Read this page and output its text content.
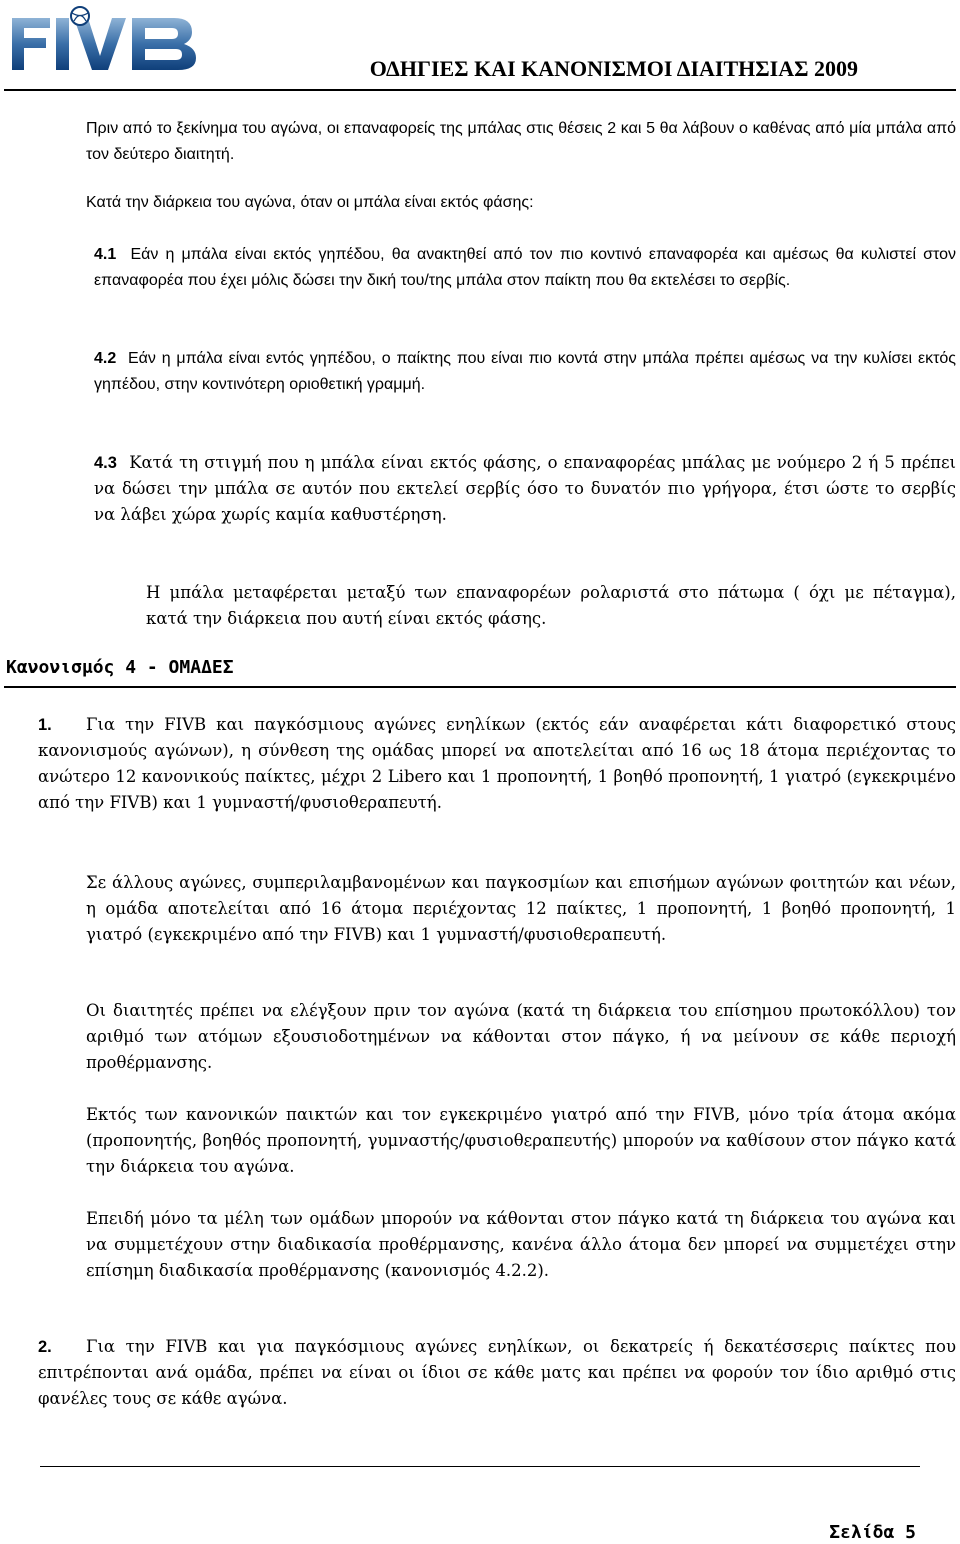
ΟΔΗΓΙΕΣ ΚΑΙ ΚΑΝΟΝΙΣΜΟΙ ΔΙΑΙΤΗΣΙΑΣ 2009

Πριν από το ξεκίνημα του αγώνα, οι επαναφορείς της μπάλας στις θέσεις 2 και 5 θα λάβουν ο καθένας από μία μπάλα από τον δεύτερο διαιτητή.

Κατά την διάρκεια του αγώνα, όταν οι μπάλα είναι εκτός φάσης:

4.1 Εάν η μπάλα είναι εκτός γηπέδου, θα ανακτηθεί από τον πιο κοντινό επαναφορέα και αμέσως θα κυλιστεί στον επαναφορέα που έχει μόλις δώσει την δική του/της μπάλα στον παίκτη που θα εκτελέσει το σερβίς.

4.2 Εάν η μπάλα είναι εντός γηπέδου, ο παίκτης που είναι πιο κοντά στην μπάλα πρέπει αμέσως να την κυλίσει εκτός γηπέδου, στην κοντινότερη οριοθετική γραμμή.

4.3 Κατά τη στιγμή που η μπάλα είναι εκτός φάσης, ο επαναφορέας μπάλας με νούμερο 2 ή 5 πρέπει να δώσει την μπάλα σε αυτόν που εκτελεί σερβίς όσο το δυνατόν πιο γρήγορα, έτσι ώστε το σερβίς να λάβει χώρα χωρίς καμία καθυστέρηση.

Η μπάλα μεταφέρεται μεταξύ των επαναφορέων ρολαριστά στο πάτωμα ( όχι με πέταγμα), κατά την διάρκεια που αυτή είναι εκτός φάσης.

Κανονισμός 4 - ΟΜΑΔΕΣ

1. Για την FIVB και παγκόσμιους αγώνες ενηλίκων (εκτός εάν αναφέρεται κάτι διαφορετικό στους κανονισμούς αγώνων), η σύνθεση της ομάδας μπορεί να αποτελείται από 16 ως 18 άτομα περιέχοντας το ανώτερο 12 κανονικούς παίκτες, μέχρι 2 Libero και 1 προπονητή, 1 βοηθό προπονητή, 1 γιατρό (εγκεκριμένο από την FIVB) και 1 γυμναστή/φυσιοθεραπευτή.

Σε άλλους αγώνες, συμπεριλαμβανομένων και παγκοσμίων και επισήμων αγώνων φοιτητών και νέων, η ομάδα αποτελείται από 16 άτομα περιέχοντας 12 παίκτες, 1 προπονητή, 1 βοηθό προπονητή, 1 γιατρό (εγκεκριμένο από την FIVB) και 1 γυμναστή/φυσιοθεραπευτή.

Οι διαιτητές πρέπει να ελέγξουν πριν τον αγώνα (κατά τη διάρκεια του επίσημου πρωτοκόλλου) τον αριθμό των ατόμων εξουσιοδοτημένων να κάθονται στον πάγκο, ή να μείνουν σε κάθε περιοχή προθέρμανσης.

Εκτός των κανονικών παικτών και τον εγκεκριμένο γιατρό από την FIVB, μόνο τρία άτομα ακόμα (προπονητής, βοηθός προπονητή, γυμναστής/φυσιοθεραπευτής) μπορούν να καθίσουν στον πάγκο κατά την διάρκεια του αγώνα.

Επειδή μόνο τα μέλη των ομάδων μπορούν να κάθονται στον πάγκο κατά τη διάρκεια του αγώνα και να συμμετέχουν στην διαδικασία προθέρμανσης, κανένα άλλο άτομα δεν μπορεί να συμμετέχει στην επίσημη διαδικασία προθέρμανσης (κανονισμός 4.2.2).

2. Για την FIVB και για παγκόσμιους αγώνες ενηλίκων, οι δεκατρείς ή δεκατέσσερις παίκτες που επιτρέπονται ανά ομάδα, πρέπει να είναι οι ίδιοι σε κάθε ματς και πρέπει να φορούν τον ίδιο αριθμό στις φανέλες τους σε κάθε αγώνα.

Σελίδα 5
